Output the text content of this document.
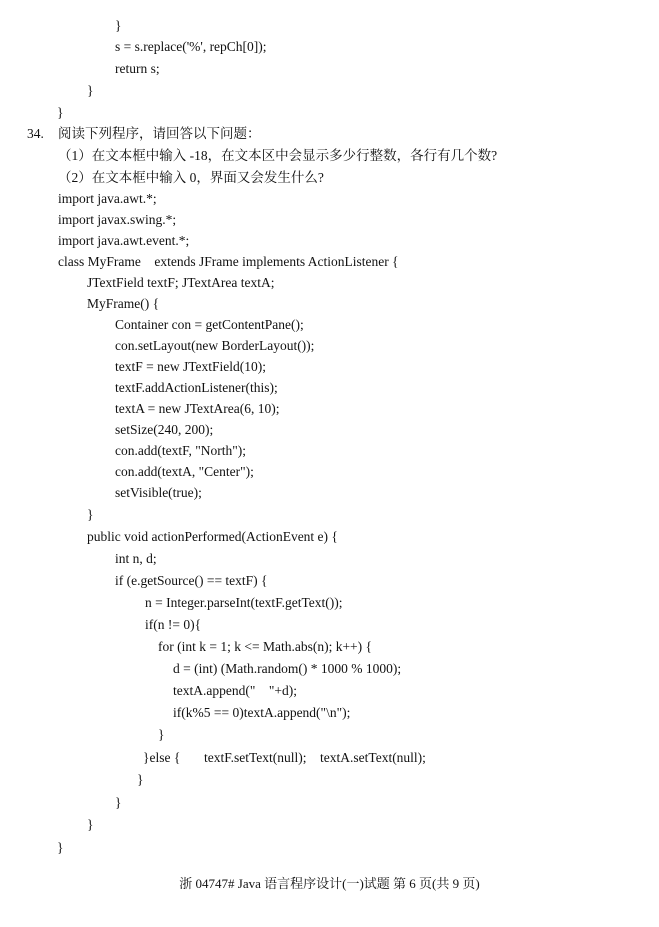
}
s = s.replace('%', repCh[0]);
return s;
}
}
34. 阅读下列程序，请回答以下问题：
（1）在文本框中输入 -18，在文本区中会显示多少行整数，各行有几个数?
（2）在文本框中输入 0，界面又会发生什么?
import java.awt.*;
import javax.swing.*;
import java.awt.event.*;
class MyFrame    extends JFrame implements ActionListener {
JTextField textF; JTextArea textA;
MyFrame() {
Container con = getContentPane();
con.setLayout(new BorderLayout());
textF = new JTextField(10);
textF.addActionListener(this);
textA = new JTextArea(6, 10);
setSize(240, 200);
con.add(textF, "North");
con.add(textA, "Center");
setVisible(true);
}
public void actionPerformed(ActionEvent e) {
int n, d;
if (e.getSource() == textF) {
n = Integer.parseInt(textF.getText());
if(n != 0){
for (int k = 1; k <= Math.abs(n); k++) {
d = (int) (Math.random() * 1000 % 1000);
textA.append("    "+d);
if(k%5 == 0)textA.append("\n");
}
}else {       textF.setText(null);    textA.setText(null);
}
}
}
}
浙 04747# Java 语言程序设计(一)试题 第 6 页(共 9 页)
